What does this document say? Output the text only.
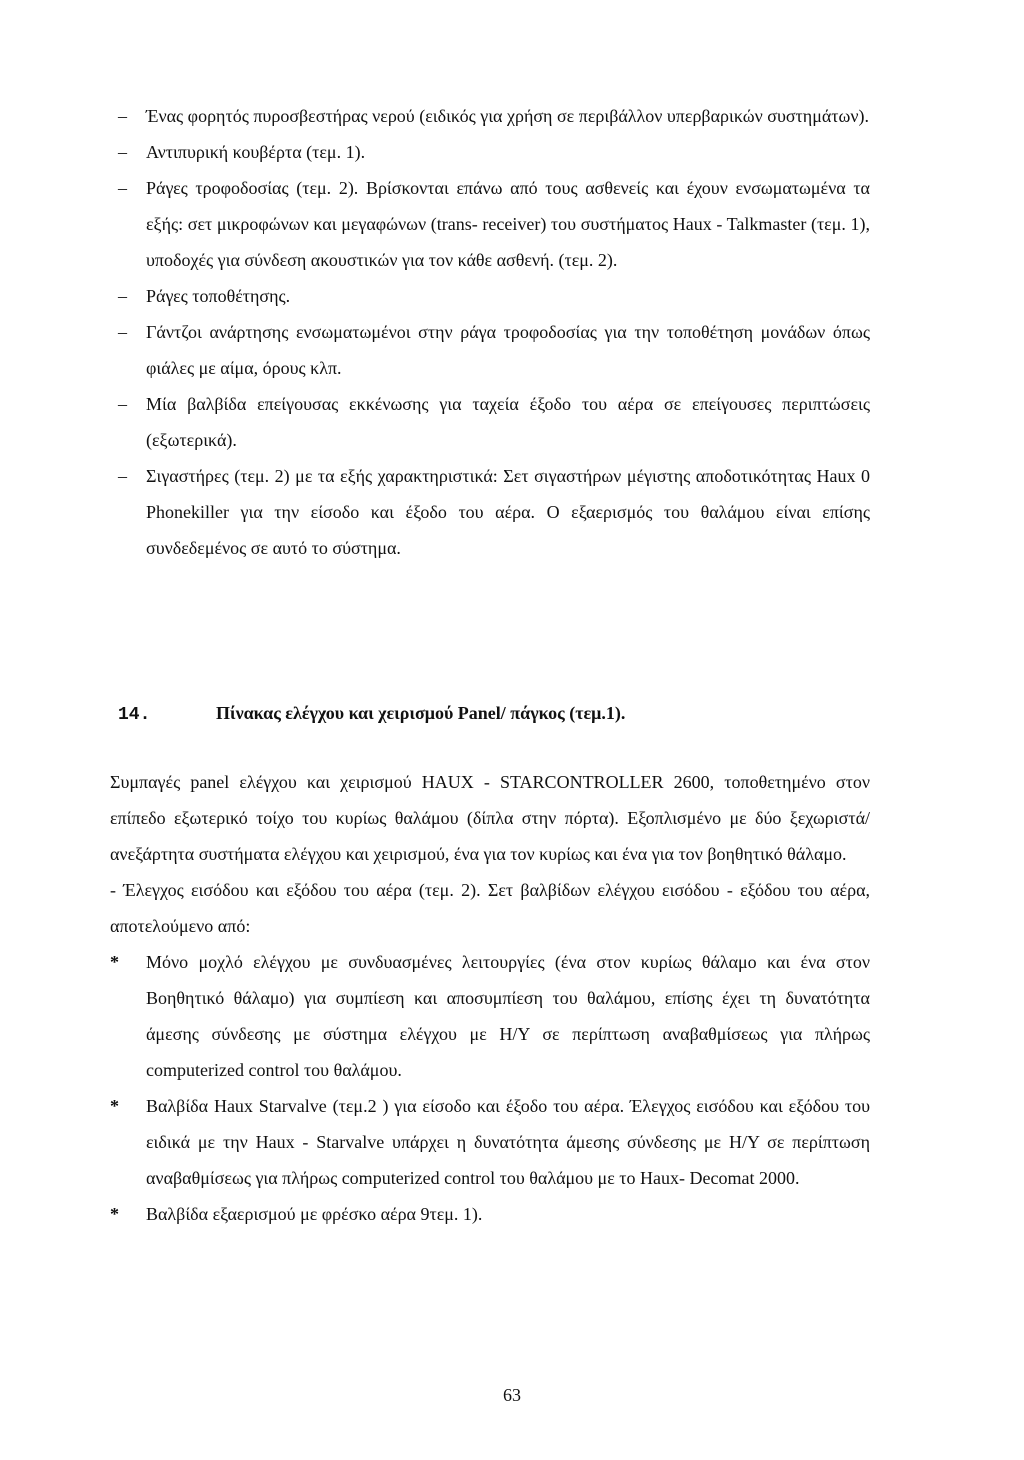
– Ένας φορητός πυροσβεστήρας νερού (ειδικός για χρήση σε περιβάλλον υπερβαρικών συστημάτων).
– Αντιπυρική κουβέρτα (τεμ. 1).
– Ράγες τροφοδοσίας (τεμ. 2). Βρίσκονται επάνω από τους ασθενείς και έχουν ενσωματωμένα τα εξής: σετ μικροφώνων και μεγαφώνων (trans- receiver) του συστήματος Haux - Talkmaster (τεμ. 1), υποδοχές για σύνδεση ακουστικών για τον κάθε ασθενή. (τεμ. 2).
– Ράγες τοποθέτησης.
– Γάντζοι ανάρτησης ενσωματωμένοι στην ράγα τροφοδοσίας για την τοποθέτηση μονάδων όπως φιάλες με αίμα, όρους κλπ.
– Μία βαλβίδα επείγουσας εκκένωσης για ταχεία έξοδο του αέρα σε επείγουσες περιπτώσεις (εξωτερικά).
– Σιγαστήρες (τεμ. 2) με τα εξής χαρακτηριστικά: Σετ σιγαστήρων μέγιστης αποδοτικότητας Haux 0 Phonekiller για την είσοδο και έξοδο του αέρα. Ο εξαερισμός του θαλάμου είναι επίσης συνδεδεμένος σε αυτό το σύστημα.
14.	Πίνακας ελέγχου και χειρισμού Panel/ πάγκος (τεμ.1).

Συμπαγές panel ελέγχου και χειρισμού HAUX - STARCONTROLLER 2600, τοποθετημένο στον επίπεδο εξωτερικό τοίχο του κυρίως θαλάμου (δίπλα στην πόρτα). Εξοπλισμένο με δύο ξεχωριστά/ ανεξάρτητα συστήματα ελέγχου και χειρισμού, ένα για τον κυρίως και ένα για τον βοηθητικό θάλαμο.

- Έλεγχος εισόδου και εξόδου του αέρα (τεμ. 2). Σετ βαλβίδων ελέγχου εισόδου - εξόδου του αέρα, αποτελούμενο από:

* Μόνο μοχλό ελέγχου με συνδυασμένες λειτουργίες (ένα στον κυρίως θάλαμο και ένα στον Βοηθητικό θάλαμο) για συμπίεση και αποσυμπίεση του θαλάμου, επίσης έχει τη δυνατότητα άμεσης σύνδεσης με σύστημα ελέγχου με Η/Υ σε περίπτωση αναβαθμίσεως για πλήρως computerized control του θαλάμου.
* Βαλβίδα Haux Starvalve (τεμ.2 ) για είσοδο και έξοδο του αέρα. Έλεγχος εισόδου και εξόδου του ειδικά με την Haux - Starvalve υπάρχει η δυνατότητα άμεσης σύνδεσης με Η/Υ σε περίπτωση αναβαθμίσεως για πλήρως computerized control του θαλάμου με το Haux- Decomat 2000.
* Βαλβίδα εξαερισμού με φρέσκο αέρα 9τεμ. 1).
63
